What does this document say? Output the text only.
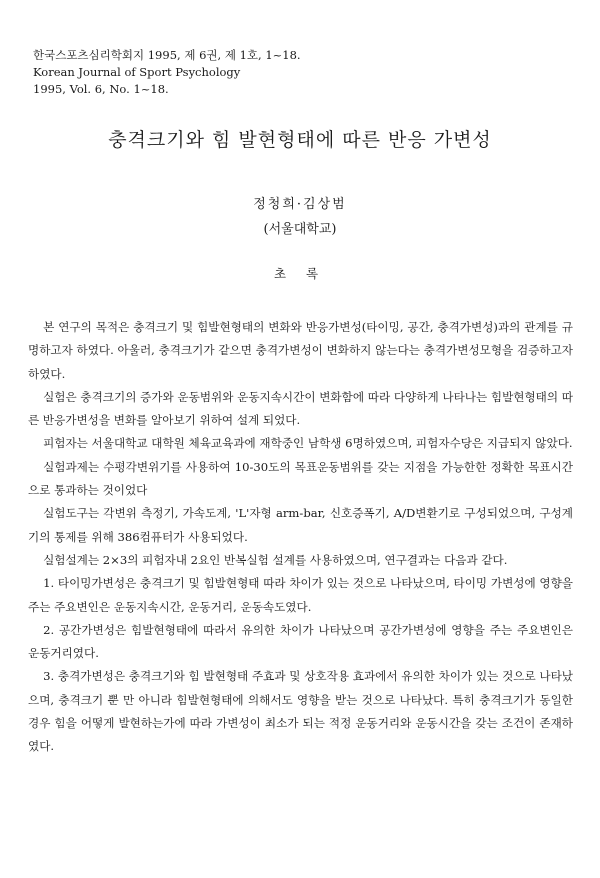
한국스포츠심리학회지 1995, 제 6권, 제 1호, 1~18.
Korean Journal of Sport Psychology
1995, Vol. 6, No. 1~18.
충격크기와 힘 발현형태에 따른 반응 가변성
정청희·김상범
(서울대학교)
초 록

본 연구의 목적은 충격크기 및 힘발현형태의 변화와 반응가변성(타이밍, 공간, 충격가변성)과의 관계를 규명하고자 하였다. 아울러, 충격크기가 같으면 충격가변성이 변화하지 않는다는 충격가변성모형을 검증하고자 하였다.

실험은 충격크기의 증가와 운동범위와 운동지속시간이 변화함에 따라 다양하게 나타나는 힘발현형태의 따른 반응가변성을 변화를 알아보기 위하여 설계 되었다.

피험자는 서울대학교 대학원 체육교육과에 재학중인 남학생 6명하였으며, 피험자수당은 지급되지 않았다.

실험과제는 수평각변위기를 사용하여 10-30도의 목표운동범위를 갖는 지점을 가능한한 정확한 목표시간으로 통과하는 것이었다

실험도구는 각변위 측정기, 가속도계, 'L'자형 arm-bar, 신호증폭기, A/D변환기로 구성되었으며, 구성계기의 통제를 위해 386컴퓨터가 사용되었다.

실험설계는 2×3의 피험자내 2요인 반복실험 설계를 사용하였으며, 연구결과는 다음과 같다.

1. 타이밍가변성은 충격크기 및 힘발현형태 따라 차이가 있는 것으로 나타났으며, 타이밍 가변성에 영향을 주는 주요변인은 운동지속시간, 운동거리, 운동속도였다.

2. 공간가변성은 힘발현형태에 따라서 유의한 차이가 나타났으며 공간가변성에 영향을 주는 주요변인은 운동거리였다.

3. 충격가변성은 충격크기와 힘 발현형태 주효과 및 상호작용 효과에서 유의한 차이가 있는 것으로 나타났으며, 충격크기 뿐 만 아니라 힘발현형태에 의해서도 영향을 받는 것으로 나타났다. 특히 충격크기가 동일한 경우 힘을 어떻게 발현하는가에 따라 가변성이 최소가 되는 적정 운동거리와 운동시간을 갖는 조건이 존재하였다.
